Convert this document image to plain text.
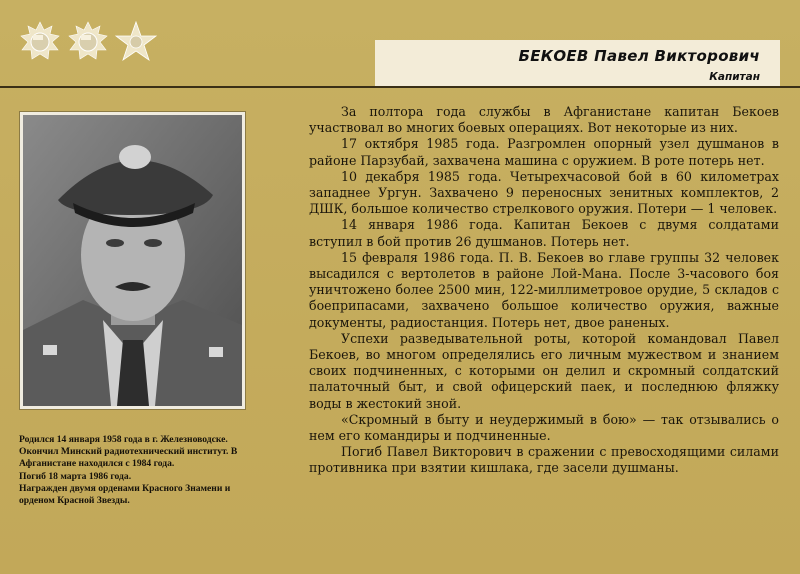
БЕКОЕВ Павел Викторович
Капитан

Родился 14 января 1958 года в г. Железноводске. Окончил Минский радиотехнический институт. В Афганистане находился с 1984 года.

Погиб 18 марта 1986 года.

Награжден двумя орденами Красного Знамени и орденом Красной Звезды.

За полтора года службы в Афганистане капитан Бекоев участвовал во многих боевых операциях. Вот некоторые из них.

17 октября 1985 года. Разгромлен опорный узел душманов в районе Парзубай, захвачена машина с оружием. В роте потерь нет.

10 декабря 1985 года. Четырехчасовой бой в 60 километрах западнее Ургун. Захвачено 9 переносных зенитных комплектов, 2 ДШК, большое количество стрелкового оружия. Потери — 1 человек.

14 января 1986 года. Капитан Бекоев с двумя солдатами вступил в бой против 26 душманов. Потерь нет.

15 февраля 1986 года. П. В. Бекоев во главе группы 32 человек высадился с вертолетов в районе Лой-Мана. После 3-часового боя уничтожено более 2500 мин, 122-миллиметровое орудие, 5 складов с боеприпасами, захвачено большое количество оружия, важные документы, радиостанция. Потерь нет, двое раненых.

Успехи разведывательной роты, которой командовал Павел Бекоев, во многом определялись его личным мужеством и знанием своих подчиненных, с которыми он делил и скромный солдатский палаточный быт, и свой офицерский паек, и последнюю фляжку воды в жестокий зной.

«Скромный в быту и неудержимый в бою» — так отзывались о нем его командиры и подчиненные.

Погиб Павел Викторович в сражении с превосходящими силами противника при взятии кишлака, где засели душманы.
